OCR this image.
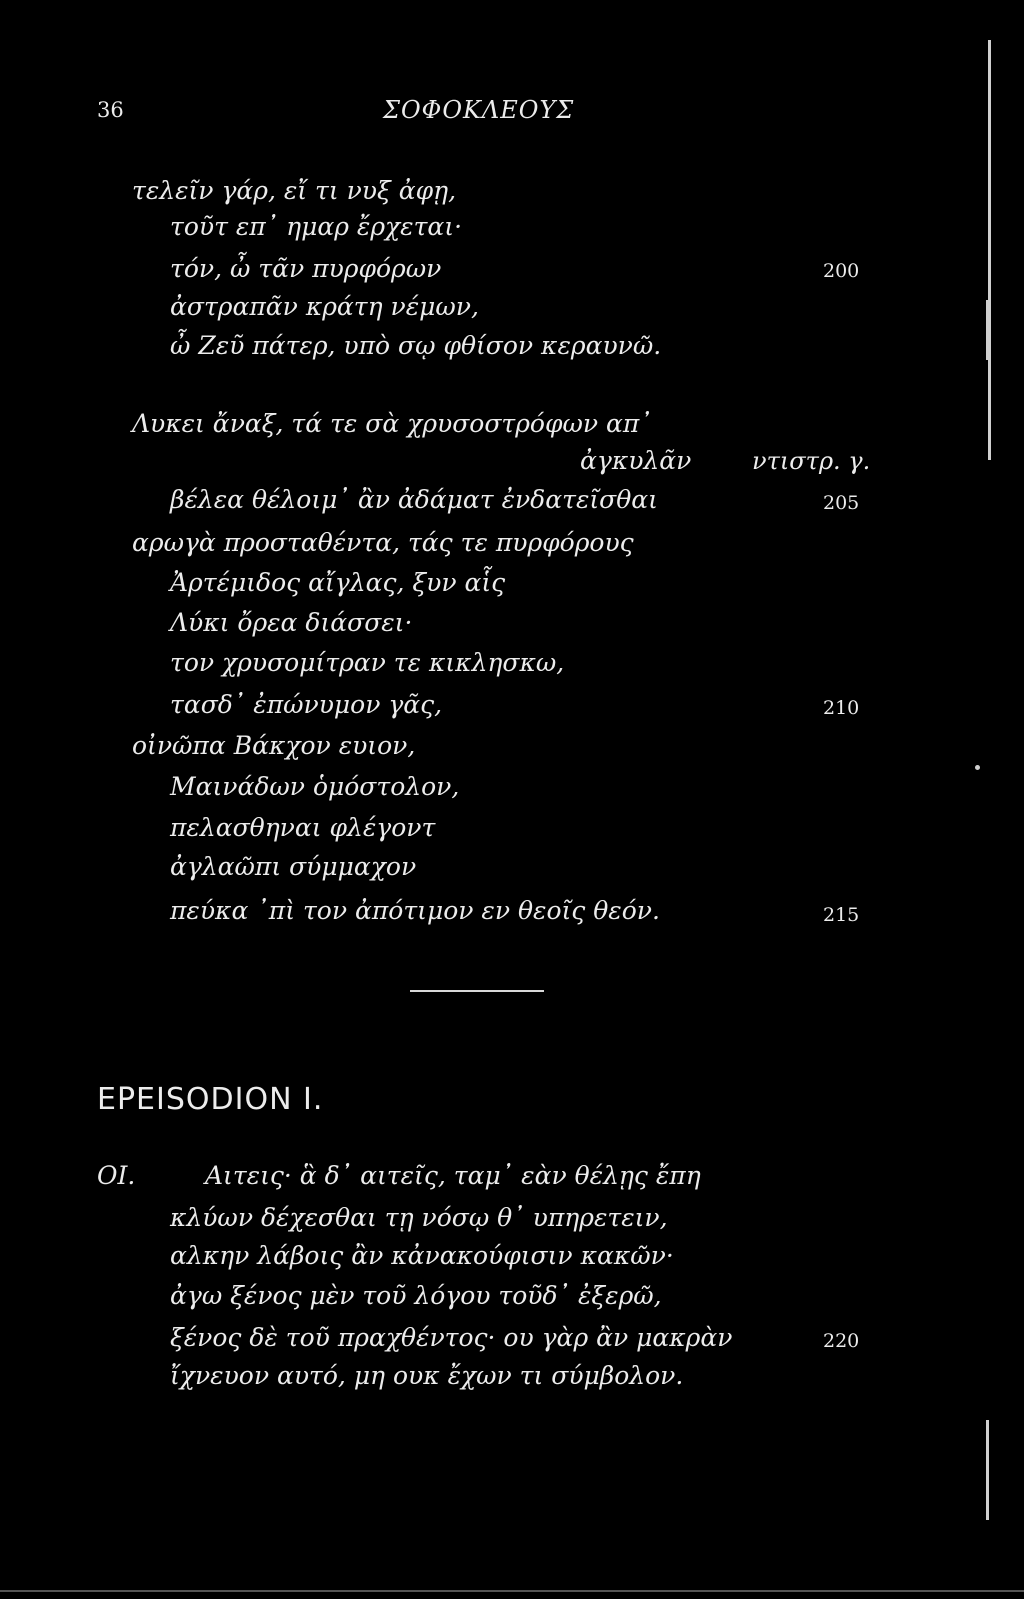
36	ΣΟΦΟΚΛΕΟΥΣ
τελεῖν γάρ, εἴ τι νυξ ἀφῃ,
τοῦτ επ᾽ ημαρ ἔρχεται·
τόν, ὦ τᾶν πυρφόρων	200
ἀστραπᾶν κράτη νέμων,
ὦ Ζεῦ πάτερ, υπὸ σῳ φθίσον κεραυνῶ.
Λυκει ἄναξ, τά τε σὰ χρυσοστρόφων απ᾽
ἀγκυλᾶν	ντιστρ. γ.
βέλεα θέλοιμ᾽ ἂν ἀδάματ ἐνδατεῖσθαι	205
αρωγὰ προσταθέντα, τάς τε πυρφόρους
Ἀρτέμιδος αἴγλας, ξυν αἷς
Λύκι ὄρεα διάσσει·
τον χρυσομίτραν τε κικλησκω,
τασδ᾽ ἐπώνυμον γᾶς,	210
οἰνῶπα Βάκχον ευιον,
Μαινάδων ὁμόστολον,
πελασθηναι φλέγοντ
ἀγλαῶπι σύμμαχον
πεύκα ᾽πὶ τον ἀπότιμον εν θεοῖς θεόν.	215
EPEISODION I.
ΟΙ.	Αιτεις· ἃ δ᾽ αιτεῖς, ταμ᾽ εὰν θέλῃς ἔπη
κλύων δέχεσθαι τῃ νόσῳ θ᾽ υπηρετειν,
αλκην λάβοις ἂν κἀνακούφισιν κακῶν·
ἀγω ξένος μὲν τοῦ λόγου τοῦδ᾽ ἐξερῶ,
ξένος δὲ τοῦ πραχθέντος· ου γὰρ ἂν μακρὰν	220
ἴχνευον αυτό, μη ουκ ἔχων τι σύμβολον.
